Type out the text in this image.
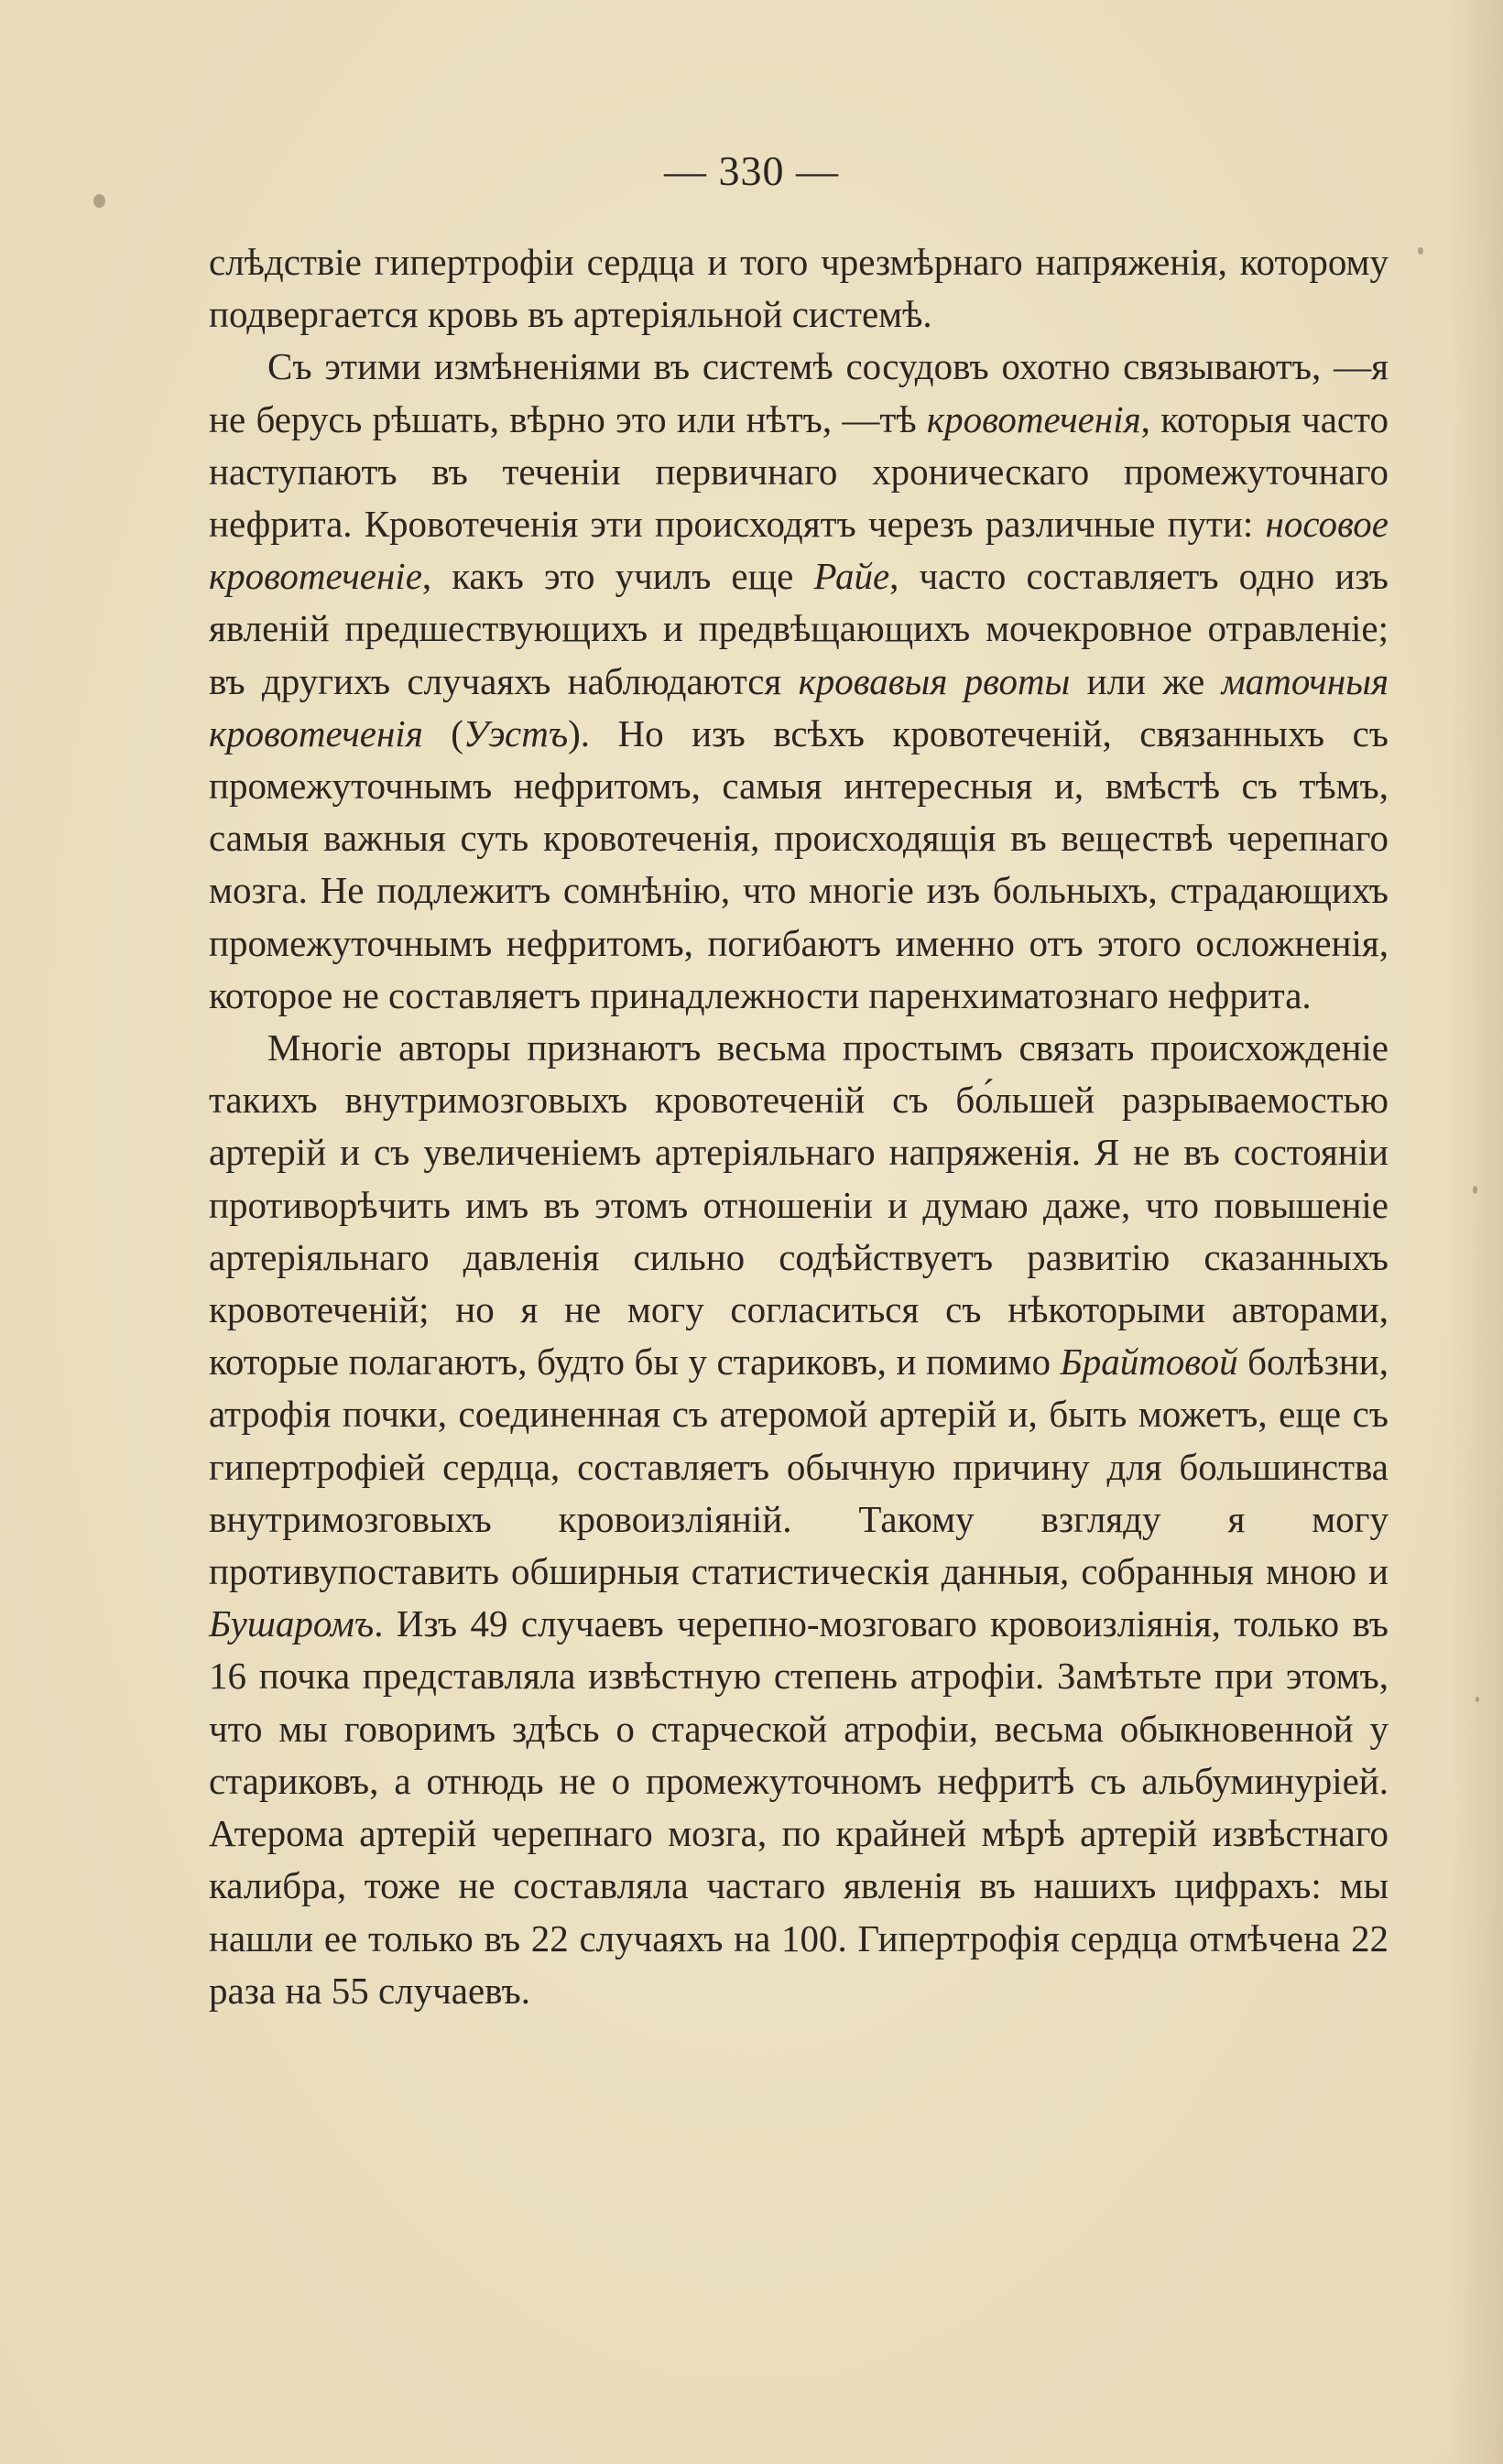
— 330 —

слѣдствіе гипертрофіи сердца и того чрезмѣрнаго напряженія, которому подвергается кровь въ артеріяльной системѣ.

Съ этими измѣненіями въ системѣ сосудовъ охотно связываютъ, —я не берусь рѣшать, вѣрно это или нѣтъ, —тѣ кровотеченія, которыя часто наступаютъ въ теченіи первичнаго хроническаго промежуточнаго нефрита. Кровотеченія эти происходятъ черезъ различные пути: носовое кровотеченіе, какъ это училъ еще Райе, часто составляетъ одно изъ явленій предшествующихъ и предвѣщающихъ мочекровное отравленіе; въ другихъ случаяхъ наблюдаются кровавыя рвоты или же маточныя кровотеченія (Уэстъ). Но изъ всѣхъ кровотеченій, связанныхъ съ промежуточнымъ нефритомъ, самыя интересныя и, вмѣстѣ съ тѣмъ, самыя важныя суть кровотеченія, происходящія въ веществѣ черепнаго мозга. Не подлежитъ сомнѣнію, что многіе изъ больныхъ, страдающихъ промежуточнымъ нефритомъ, погибаютъ именно отъ этого осложненія, которое не составляетъ принадлежности паренхиматознаго нефрита.

Многіе авторы признаютъ весьма простымъ связать происхожденіе такихъ внутримозговыхъ кровотеченій съ бо́льшей разрываемостью артерій и съ увеличеніемъ артеріяльнаго напряженія. Я не въ состояніи противорѣчить имъ въ этомъ отношеніи и думаю даже, что повышеніе артеріяльнаго давленія сильно содѣйствуетъ развитію сказанныхъ кровотеченій; но я не могу согласиться съ нѣкоторыми авторами, которые полагаютъ, будто бы у стариковъ, и помимо Брайтовой болѣзни, атрофія почки, соединенная съ атеромой артерій и, быть можетъ, еще съ гипертрофіей сердца, составляетъ обычную причину для большинства внутримозговыхъ кровоизліяній. Такому взгляду я могу противупоставить обширныя статистическія данныя, собранныя мною и Бушаромъ. Изъ 49 случаевъ черепно-мозговаго кровоизліянія, только въ 16 почка представляла извѣстную степень атрофіи. Замѣтьте при этомъ, что мы говоримъ здѣсь о старческой атрофіи, весьма обыкновенной у стариковъ, а отнюдь не о промежуточномъ нефритѣ съ альбуминуріей. Атерома артерій черепнаго мозга, по крайней мѣрѣ артерій извѣстнаго калибра, тоже не составляла частаго явленія въ нашихъ цифрахъ: мы нашли ее только въ 22 случаяхъ на 100. Гипертрофія сердца отмѣчена 22 раза на 55 случаевъ.
